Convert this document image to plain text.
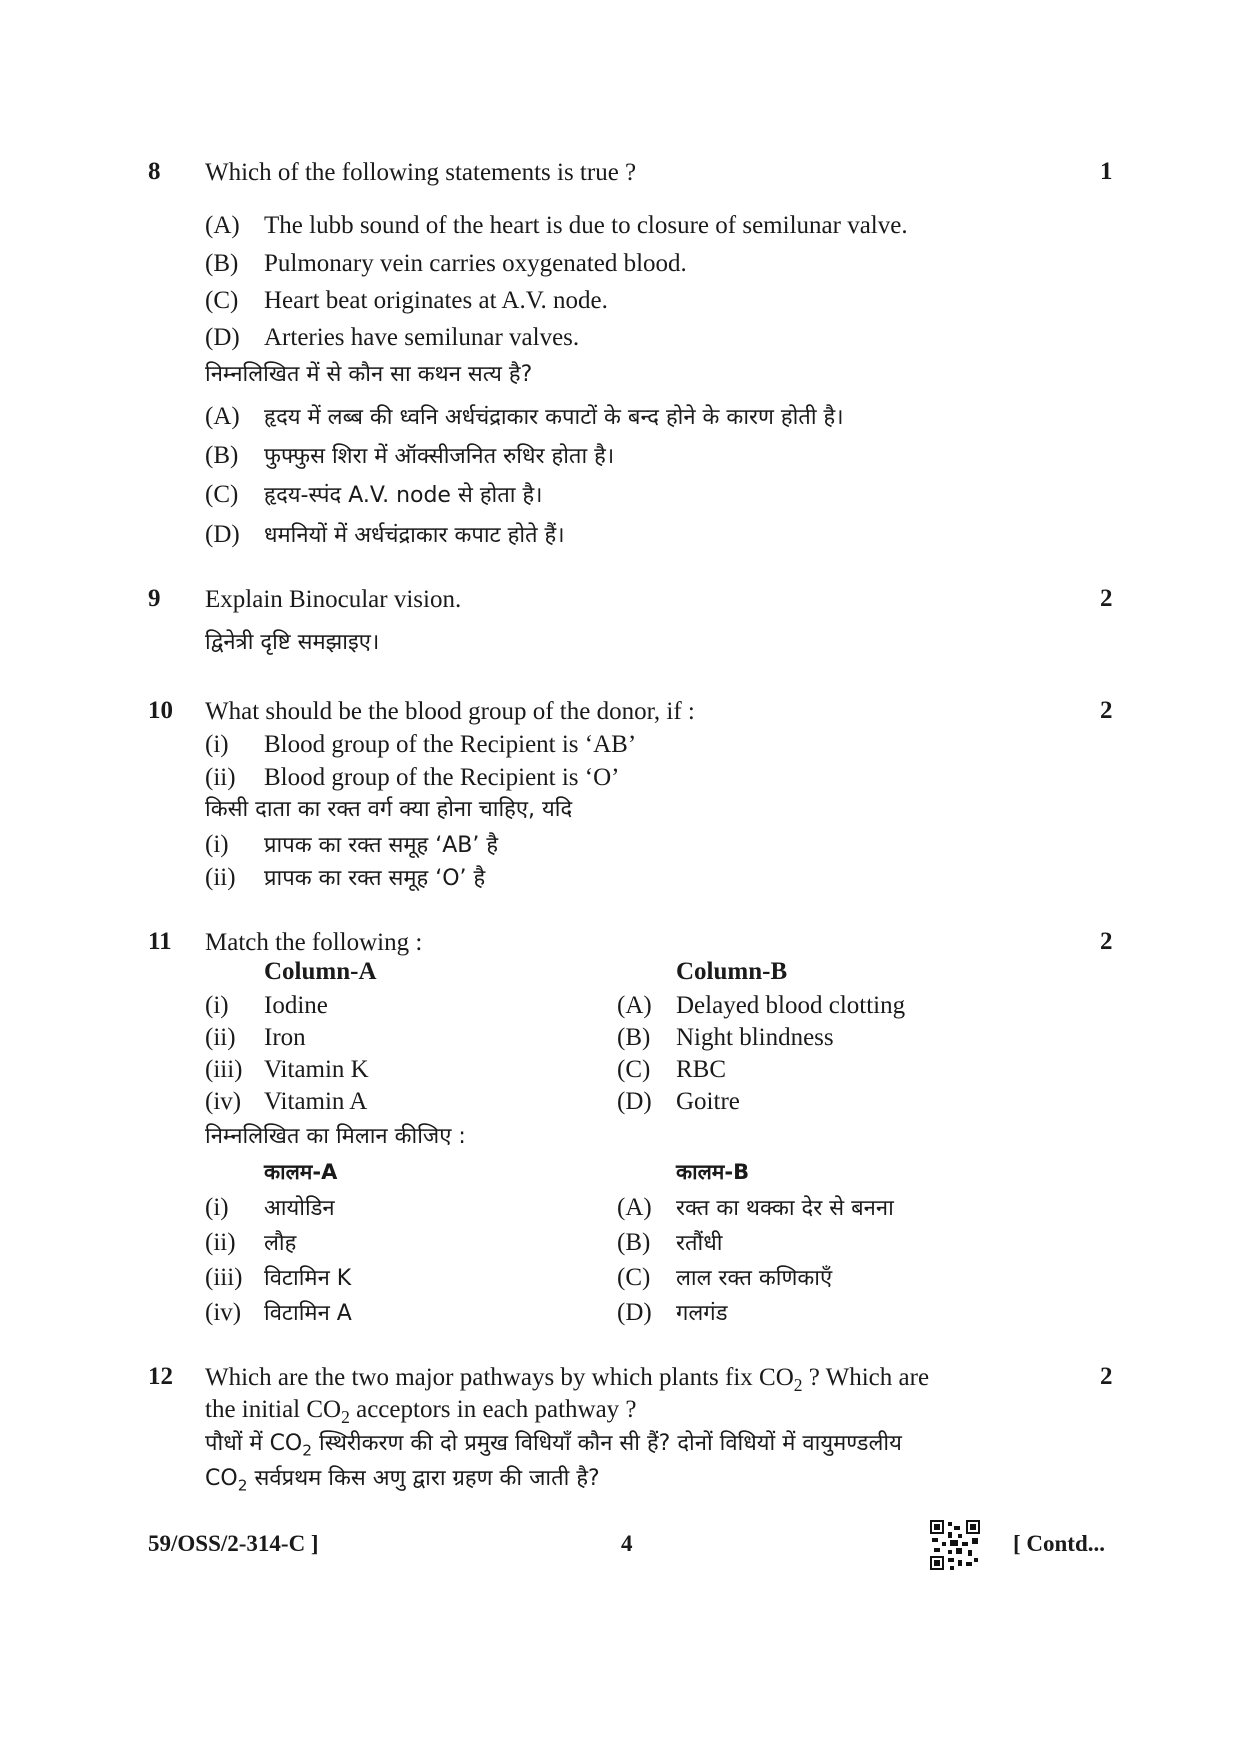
8	1
Which of the following statements is true ?
(A) The lubb sound of the heart is due to closure of semilunar valve.
(B) Pulmonary vein carries oxygenated blood.
(C) Heart beat originates at A.V. node.
(D) Arteries have semilunar valves.
निम्नलिखित में से कौन सा कथन सत्य है?
(A) हृदय में लब्ब की ध्वनि अर्धचंद्राकार कपाटों के बन्द होने के कारण होती है।
(B) फुफ्फुस शिरा में ऑक्सीजनित रुधिर होता है।
(C) हृदय-स्पंद A.V. node से होता है।
(D) धमनियों में अर्धचंद्राकार कपाट होते हैं।
9	2
Explain Binocular vision.
द्विनेत्री दृष्टि समझाइए।
10	2
What should be the blood group of the donor, if :
(i) Blood group of the Recipient is ‘AB’
(ii) Blood group of the Recipient is ‘O’
किसी दाता का रक्त वर्ग क्या होना चाहिए, यदि
(i) प्रापक का रक्त समूह ‘AB’ है
(ii) प्रापक का रक्त समूह ‘O’ है
11	2
Match the following :
Column-A	Column-B
(i) Iodine	(A) Delayed blood clotting
(ii) Iron	(B) Night blindness
(iii) Vitamin K	(C) RBC
(iv) Vitamin A	(D) Goitre
निम्नलिखित का मिलान कीजिए :
कालम-A	कालम-B
(i) आयोडिन	(A) रक्त का थक्का देर से बनना
(ii) लौह	(B) रतौंधी
(iii) विटामिन K	(C) लाल रक्त कणिकाएँ
(iv) विटामिन A	(D) गलगंड
12	2
Which are the two major pathways by which plants fix $CO_2$ ? Which are
the initial $CO_2$ acceptors in each pathway ?
पौधों में $CO_2$ स्थिरीकरण की दो प्रमुख विधियाँ कौन सी हैं? दोनों विधियों में वायुमण्डलीय
$CO_2$ सर्वप्रथम किस अणु द्वारा ग्रहण की जाती है?
59/OSS/2-314-C ]	4	[ Contd...
